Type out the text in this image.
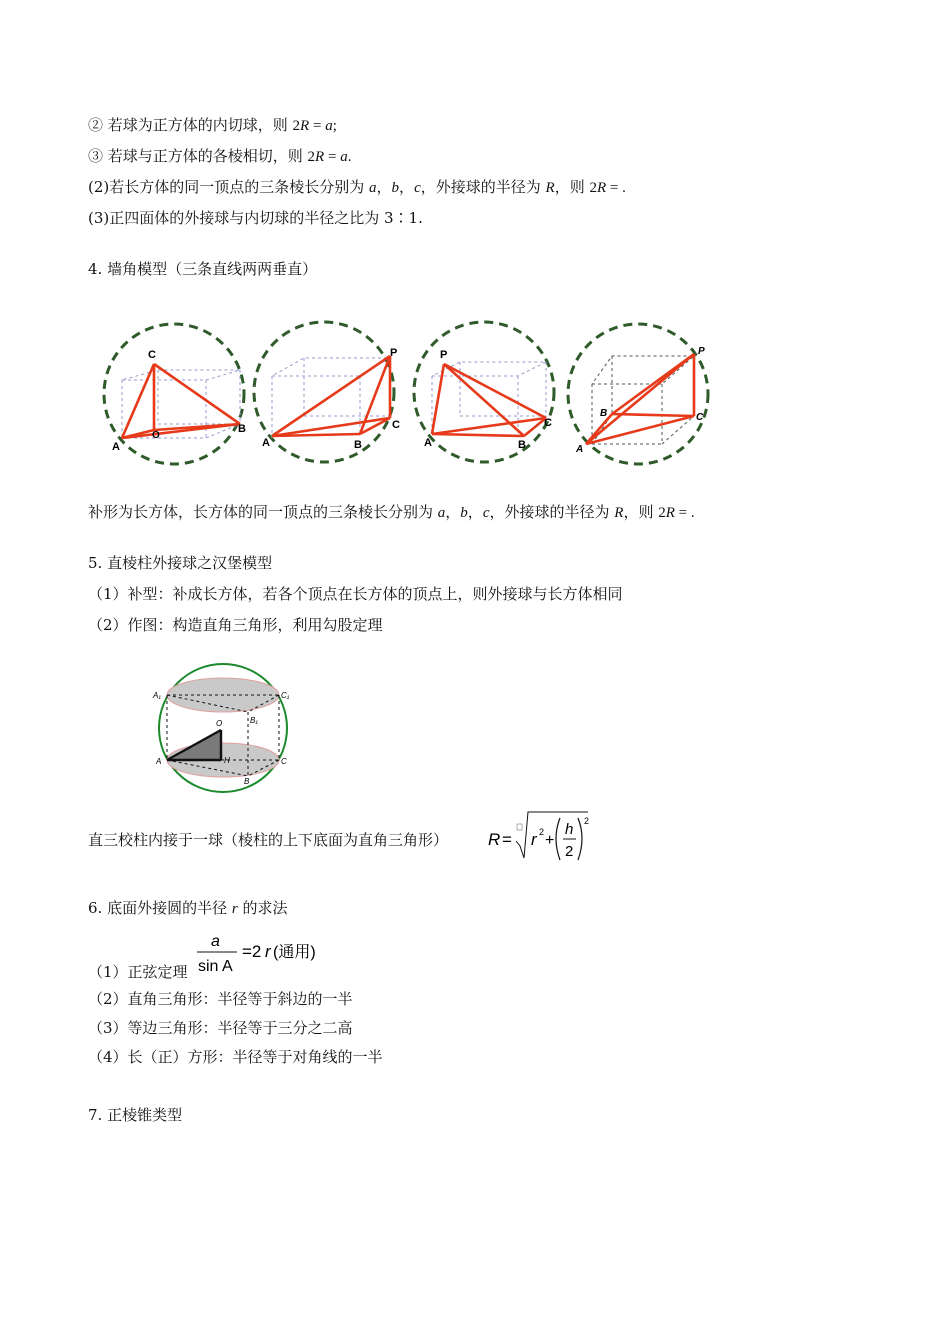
② 若球为正方体的内切球，则 2R = a;
③ 若球与正方体的各棱相切，则 2R = a.
(2)若长方体的同一顶点的三条棱长分别为 a，b，c，外接球的半径为 R，则 2R = .
(3)正四面体的外接球与内切球的半径之比为 3∶1.
4. 墙角模型（三条直线两两垂直）
A
C
O
B
A	B
C
P
A
P
B
C
A
B	C
P
补形为长方体，长方体的同一顶点的三条棱长分别为 a，b，c，外接球的半径为 R，则 2R = .
5. 直棱柱外接球之汉堡模型
（1）补型：补成长方体，若各个顶点在长方体的顶点上，则外接球与长方体相同
（2）作图：构造直角三角形，利用勾股定理
A₁	C₁
B₁
O
A	H	C
B
直三校柱内接于一球（棱柱的上下底面为直角三角形） R = r 2 +
h
2
2
6. 底面外接圆的半径 r 的求法
（1）正弦定理
a
sin A
=2 r (通用)
（2）直角三角形：半径等于斜边的一半
（3）等边三角形：半径等于三分之二高
（4）长（正）方形：半径等于对角线的一半
7. 正棱锥类型
